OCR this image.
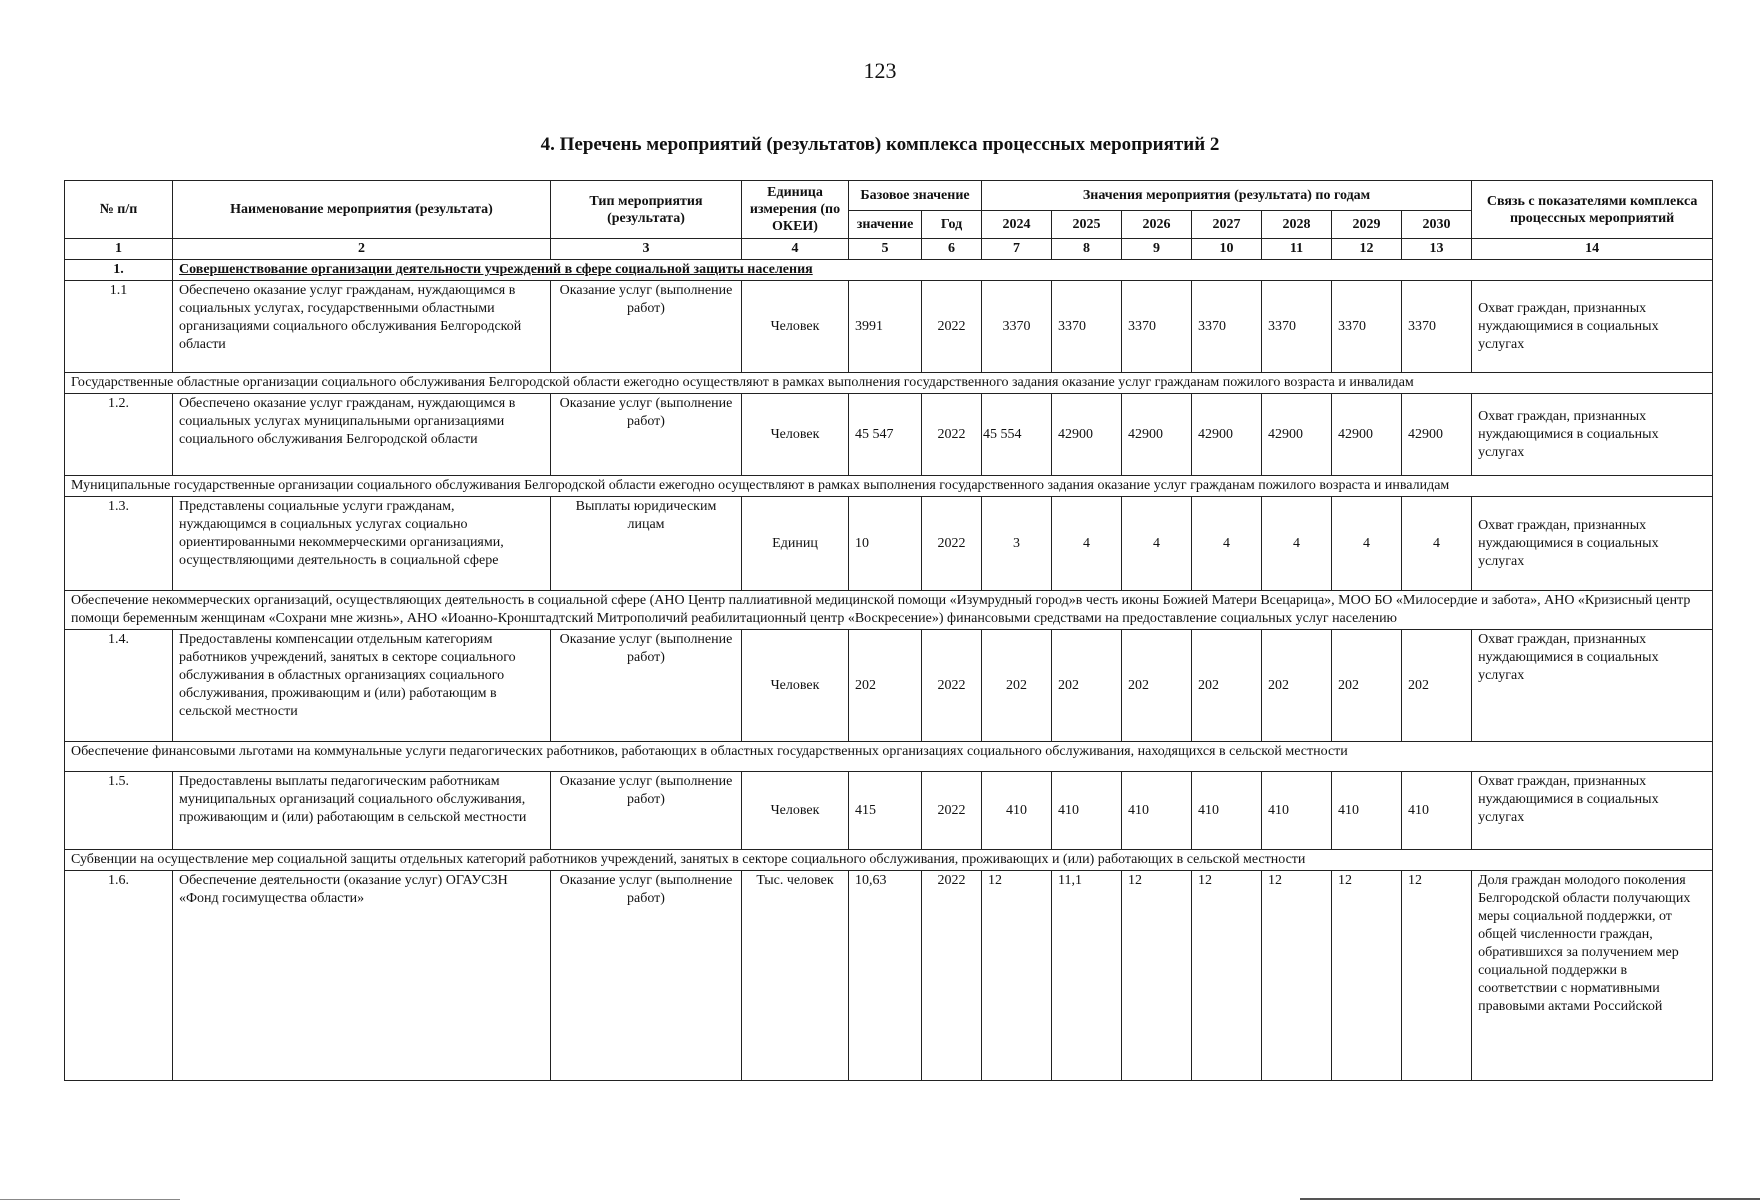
123
4. Перечень мероприятий (результатов) комплекса процессных мероприятий 2
№ п/п	Наименование мероприятия (результата)	Тип мероприятия (результата)	Единица измерения (по ОКЕИ)	Базовое значение		Значения мероприятия (результата) по годам							Связь с показателями комплекса процессных мероприятий
				значение	Год	2024	2025	2026	2027	2028	2029	2030	
1	2	3	4	5	6	7	8	9	10	11	12	13	14
1.	Совершенствование организации деятельности учреждений в сфере социальной защиты населения												
1.1	Обеспечено оказание услуг гражданам, нуждающимся в социальных услугах, государственными областными организациями социального обслуживания Белгородской области	Оказание услуг (выполнение работ)	Человек	3991	2022	3370	3370	3370	3370	3370	3370	3370	Охват граждан, признанных нуждающимися в социальных услугах
Государственные областные организации социального обслуживания Белгородской области ежегодно осуществляют в рамках выполнения государственного задания оказание услуг гражданам пожилого возраста и инвалидам													
1.2.	Обеспечено оказание услуг гражданам, нуждающимся в социальных услугах муниципальными организациями социального обслуживания Белгородской области	Оказание услуг (выполнение работ)	Человек	45 547	2022	45 554	42900	42900	42900	42900	42900	42900	Охват граждан, признанных нуждающимися в социальных услугах
Муниципальные государственные организации социального обслуживания Белгородской области ежегодно осуществляют в рамках выполнения государственного задания оказание услуг гражданам пожилого возраста и инвалидам													
1.3.	Представлены социальные услуги гражданам, нуждающимся в социальных услугах социально ориентированными некоммерческими организациями, осуществляющими деятельность в социальной сфере	Выплаты юридическим лицам	Единиц	10	2022	3	4	4	4	4	4	4	Охват граждан, признанных нуждающимися в социальных услугах
Обеспечение некоммерческих организаций, осуществляющих деятельность в социальной сфере (АНО Центр паллиативной медицинской помощи «Изумрудный город»в честь иконы Божией Матери Всецарица», МОО БО «Милосердие и забота», АНО «Кризисный центр помощи беременным женщинам «Сохрани мне жизнь», АНО «Иоанно-Кронштадтский Митрополичий реабилитационный центр «Воскресение») финансовыми средствами на предоставление социальных услуг населению													
1.4.	Предоставлены компенсации отдельным категориям работников учреждений, занятых в секторе социального обслуживания в областных организациях социального обслуживания, проживающим и (или) работающим в сельской местности	Оказание услуг (выполнение работ)	Человек	202	2022	202	202	202	202	202	202	202	Охват граждан, признанных нуждающимися в социальных услугах
Обеспечение финансовыми льготами на коммунальные услуги педагогических работников, работающих в областных государственных организациях социального обслуживания, находящихся в сельской местности													
1.5.	Предоставлены выплаты педагогическим работникам муниципальных организаций социального обслуживания, проживающим и (или) работающим в сельской местности	Оказание услуг (выполнение работ)	Человек	415	2022	410	410	410	410	410	410	410	Охват граждан, признанных нуждающимися в социальных услугах
Субвенции на осуществление мер социальной защиты отдельных категорий работников учреждений, занятых в секторе социального обслуживания, проживающих и (или) работающих в сельской местности													
1.6.	Обеспечение деятельности (оказание услуг) ОГАУСЗН «Фонд госимущества области»	Оказание услуг (выполнение работ)	Тыс. человек	10,63	2022	12	11,1	12	12	12	12	12	Доля граждан молодого поколения Белгородской области получающих меры социальной поддержки, от общей численности граждан, обратившихся за получением мер социальной поддержки в соответствии с нормативными правовыми актами Российской
